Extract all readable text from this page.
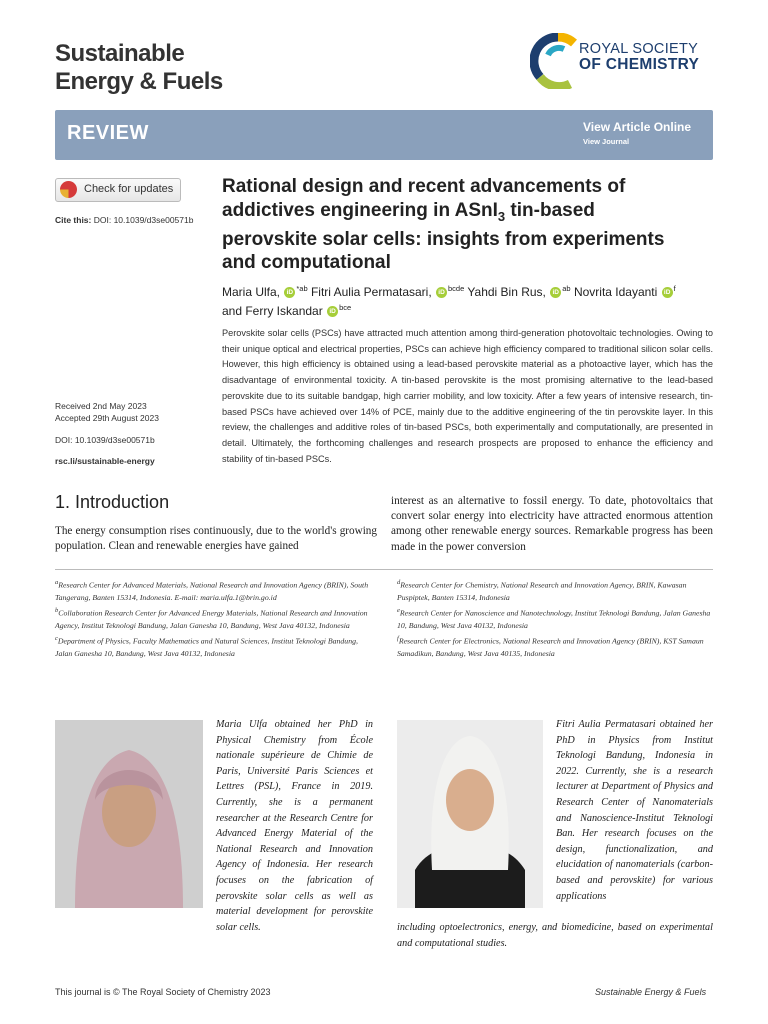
Sustainable
Energy & Fuels
ROYAL SOCIETY
OF CHEMISTRY
REVIEW	View Article Online
View Journal
Check for updates
Cite this: DOI: 10.1039/d3se00571b
Received 2nd May 2023
Accepted 29th August 2023
DOI: 10.1039/d3se00571b
rsc.li/sustainable-energy
Rational design and recent advancements of addictives engineering in ASnI$_3$ tin-based perovskite solar cells: insights from experiments and computational
Maria Ulfa, iD $^{*ab}$ Fitri Aulia Permatasari, iD $^{bcde}$ Yahdi Bin Rus, iD $^{ab}$ Novrita Idayanti iD $^f$
and Ferry Iskandar iD $^{bce}$
Perovskite solar cells (PSCs) have attracted much attention among third-generation photovoltaic technologies. Owing to their unique optical and electrical properties, PSCs can achieve high efficiency compared to traditional silicon solar cells. However, this high efficiency is obtained using a lead-based perovskite material as a photoactive layer, which has the disadvantage of environmental toxicity. A tin-based perovskite is the most promising alternative to the lead-based perovskite due to its suitable bandgap, high carrier mobility, and low toxicity. After a few years of intensive research, tin-based PSCs have achieved over 14% of PCE, mainly due to the additive engineering of the tin perovskite layer. In this review, the challenges and additive roles of tin-based PSCs, both experimentally and computationally, are presented in detail. Ultimately, the forthcoming challenges and research prospects are proposed to enhance the efficiency and stability of tin-based PSCs.
1. Introduction
The energy consumption rises continuously, due to the world's growing population. Clean and renewable energies have gained
interest as an alternative to fossil energy. To date, photovoltaics that convert solar energy into electricity have attracted enormous attention among other renewable energy sources. Remarkable progress has been made in the power conversion
$^a$Research Center for Advanced Materials, National Research and Innovation Agency (BRIN), South Tangerang, Banten 15314, Indonesia. E-mail: maria.ulfa.1@brin.go.id
$^b$Collaboration Research Center for Advanced Energy Materials, National Research and Innovation Agency, Institut Teknologi Bandung, Jalan Ganesha 10, Bandung, West Java 40132, Indonesia
$^c$Department of Physics, Faculty Mathematics and Natural Sciences, Institut Teknologi Bandung, Jalan Ganesha 10, Bandung, West Java 40132, Indonesia
$^d$Research Center for Chemistry, National Research and Innovation Agency, BRIN, Kawasan Puspiptek, Banten 15314, Indonesia
$^e$Research Center for Nanoscience and Nanotechnology, Institut Teknologi Bandung, Jalan Ganesha 10, Bandung, West Java 40132, Indonesia
$^f$Research Center for Electronics, National Research and Innovation Agency (BRIN), KST Samaun Samadikun, Bandung, West Java 40135, Indonesia
Maria Ulfa obtained her PhD in Physical Chemistry from École nationale supérieure de Chimie de Paris, Université Paris Sciences et Lettres (PSL), France in 2019. Currently, she is a permanent researcher at the Research Centre for Advanced Energy Material of the National Research and Innovation Agency of Indonesia. Her research focuses on the fabrication of perovskite solar cells as well as material development for perovskite solar cells.
Fitri Aulia Permatasari obtained her PhD in Physics from Institut Teknologi Bandung, Indonesia in 2022. Currently, she is a research lecturer at Department of Physics and Research Center of Nanomaterials and Nanoscience-Institut Teknologi Ban. Her research focuses on the design, functionalization, and elucidation of nanomaterials (carbon-based and perovskite) for various applications
including optoelectronics, energy, and biomedicine, based on experimental and computational studies.
This journal is © The Royal Society of Chemistry 2023	Sustainable Energy & Fuels
